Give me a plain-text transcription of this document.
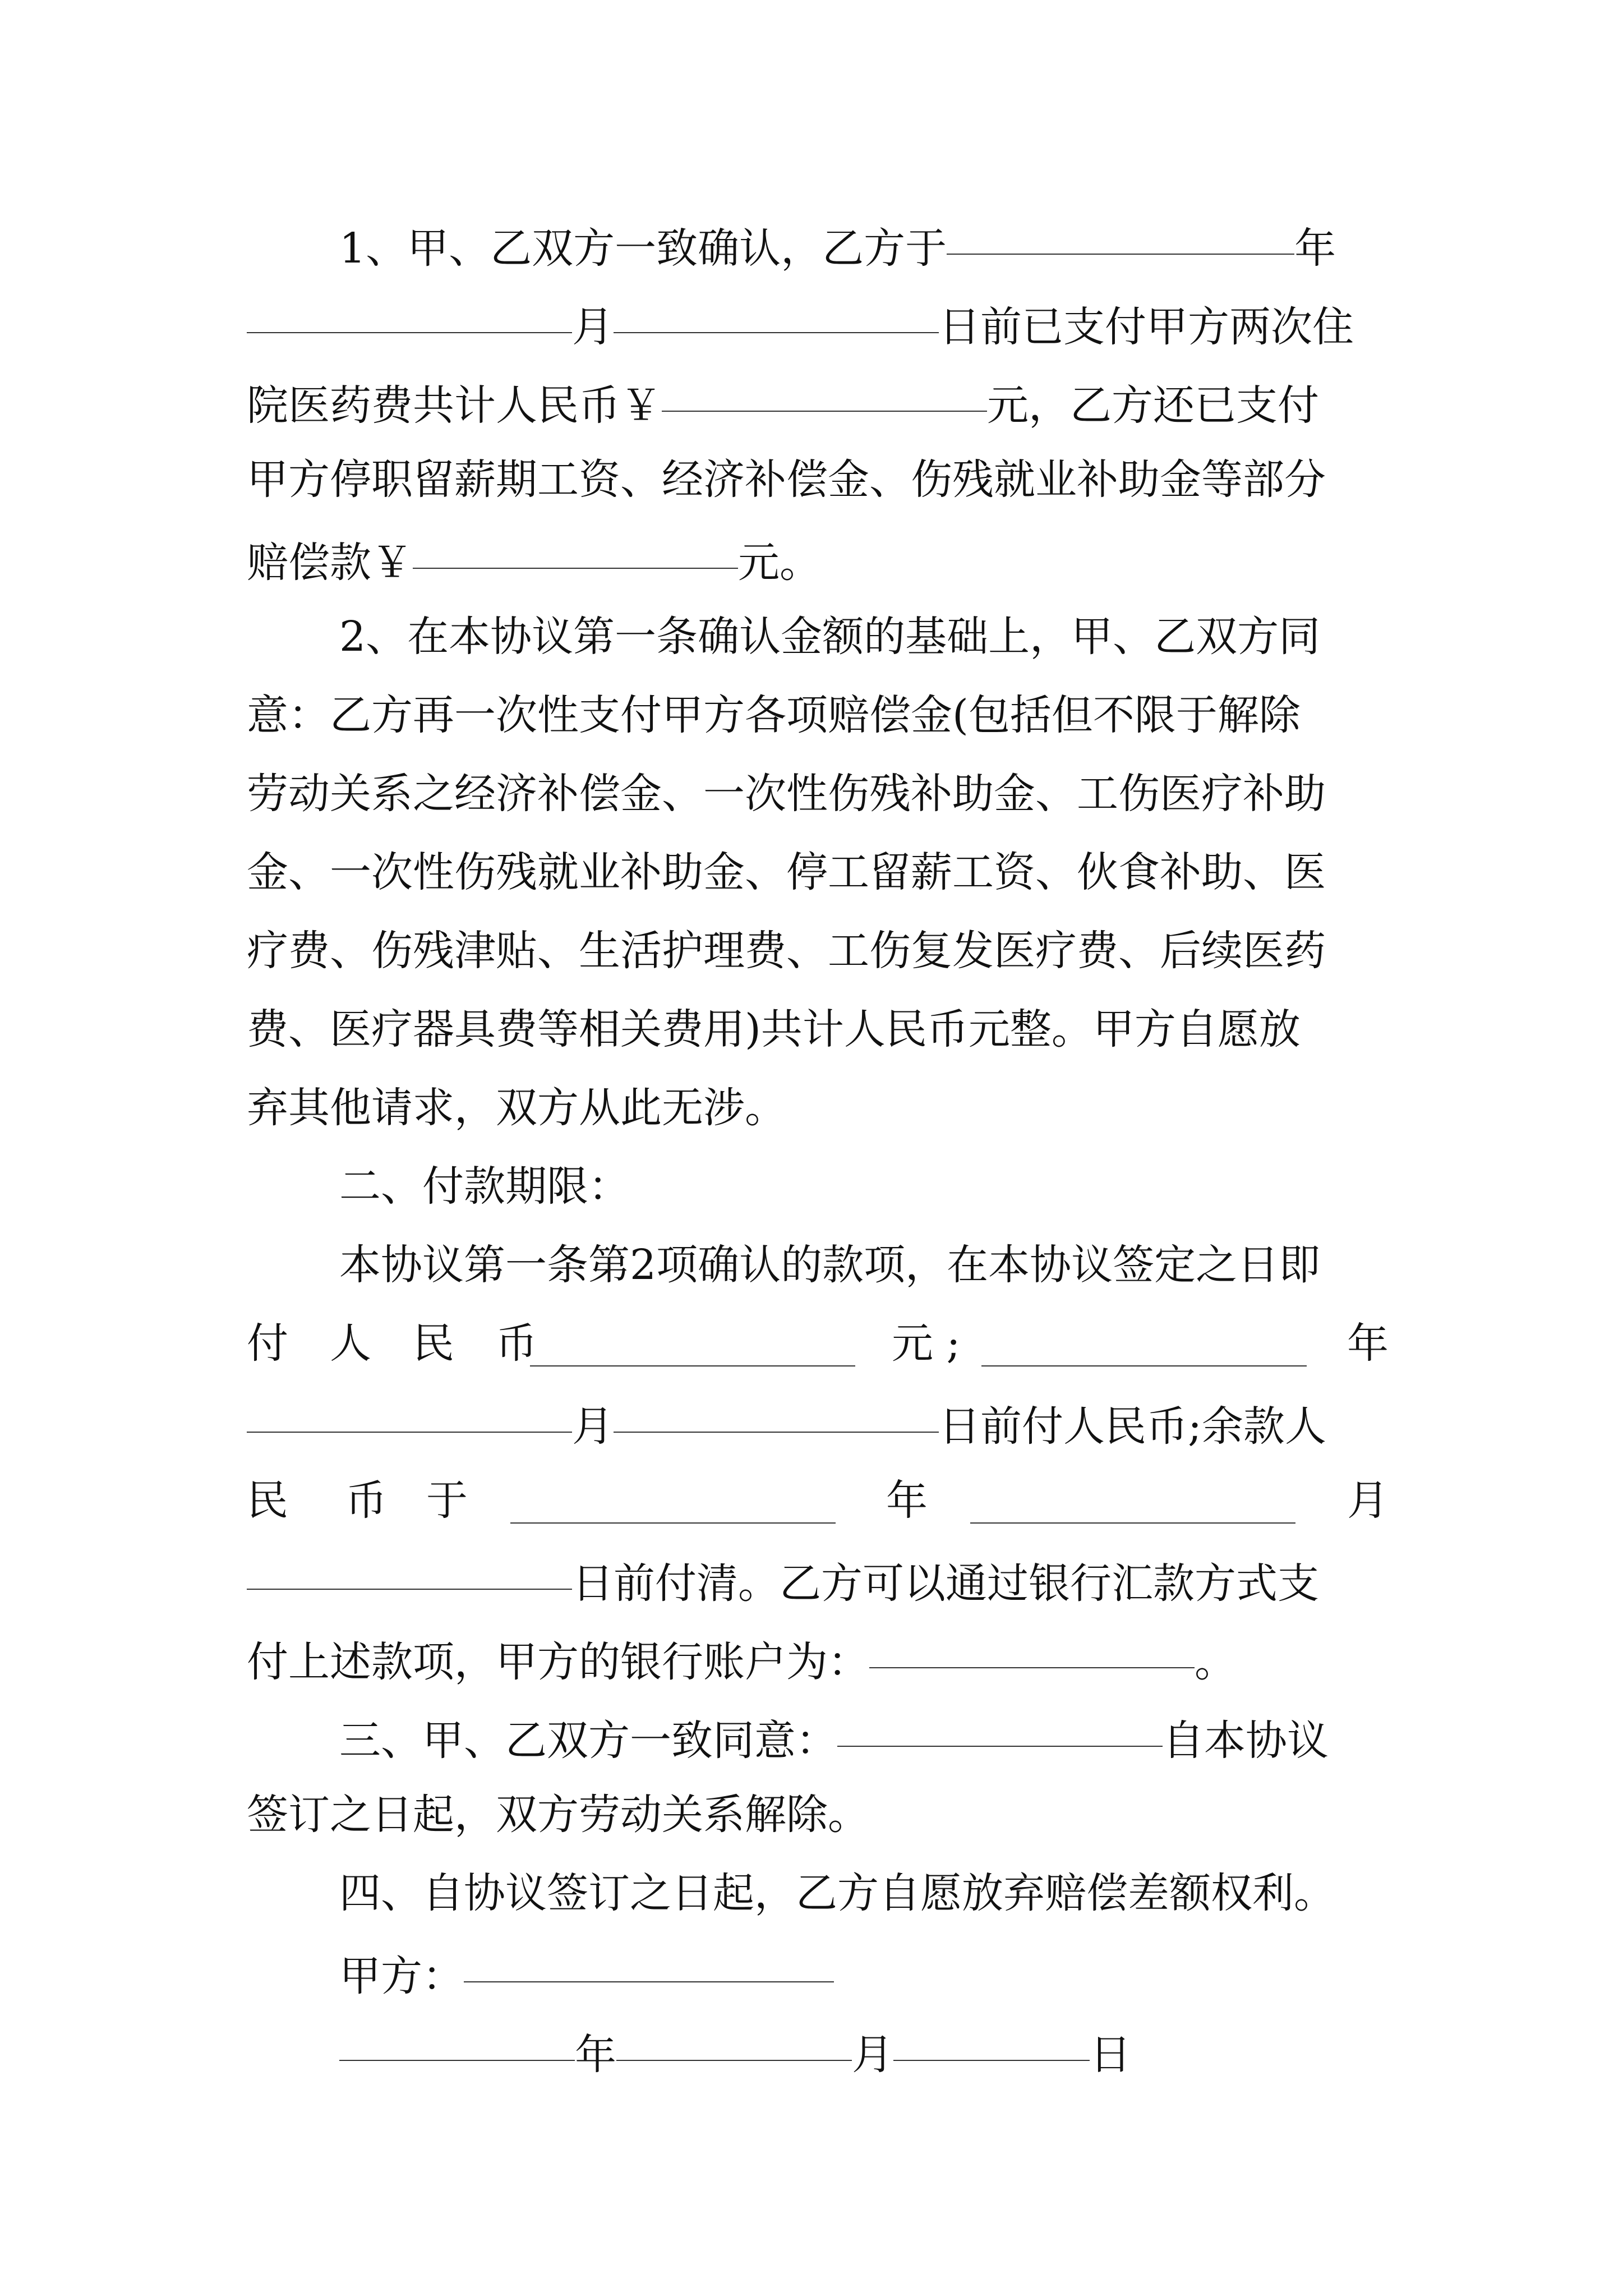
1、甲、乙双方一致确认，乙方于	年
月	日前已支付甲方两次住
院医药费共计人民币￥	元，乙方还已支付
甲方停职留薪期工资、经济补偿金、伤残就业补助金等部分
赔偿款￥	元。
2、在本协议第一条确认金额的基础上，甲、乙双方同
意：乙方再一次性支付甲方各项赔偿金(包括但不限于解除
劳动关系之经济补偿金、一次性伤残补助金、工伤医疗补助
金、一次性伤残就业补助金、停工留薪工资、伙食补助、医
疗费、伤残津贴、生活护理费、工伤复发医疗费、后续医药
费、医疗器具费等相关费用)共计人民币元整。甲方自愿放
弃其他请求，双方从此无涉。
二、付款期限：
本协议第一条第2项确认的款项，在本协议签定之日即
付 人 民 币	元 ;	年
月	日前付人民币;余款人
民 币 于	年	月
日前付清。乙方可以通过银行汇款方式支
付上述款项，甲方的银行账户为：	。
三、甲、乙双方一致同意：	自本协议
签订之日起，双方劳动关系解除。
四、自协议签订之日起，乙方自愿放弃赔偿差额权利。
甲方：
年	月	日
